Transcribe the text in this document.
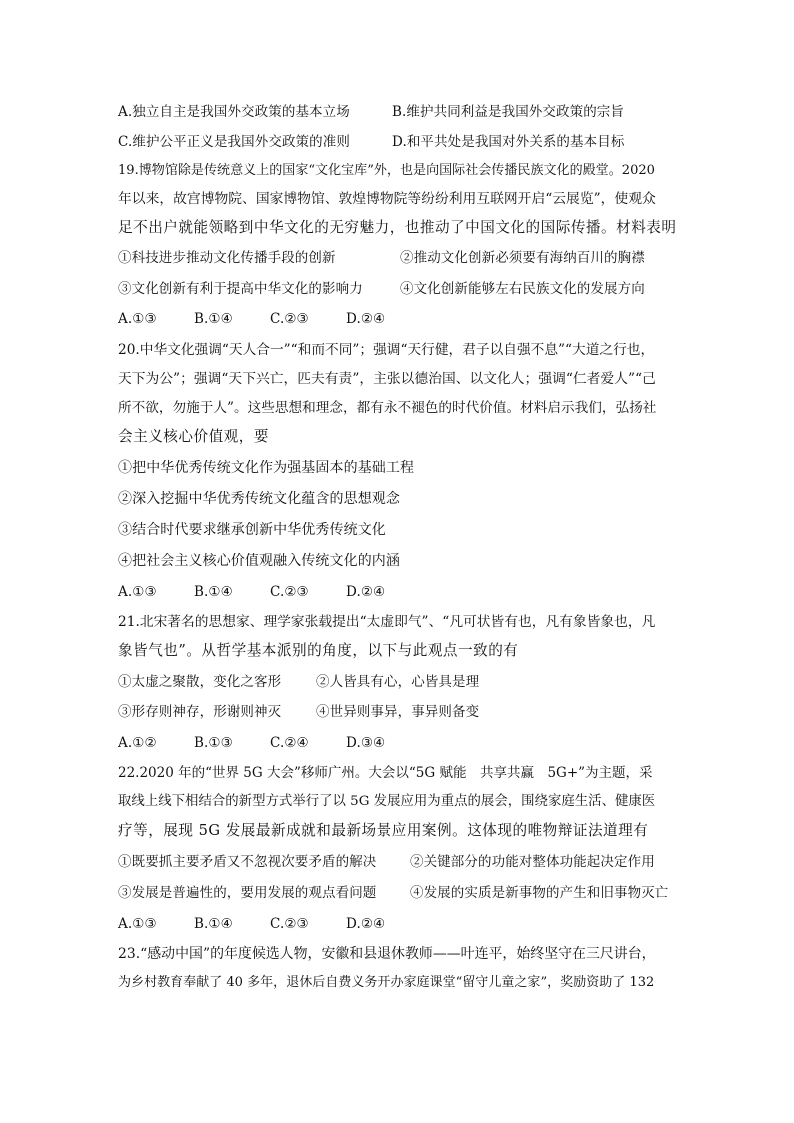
A.独立自主是我国外交政策的基本立场	B.维护共同利益是我国外交政策的宗旨
C.维护公平正义是我国外交政策的准则	D.和平共处是我国对外关系的基本目标
19.博物馆除是传统意义上的国家“文化宝库”外，也是向国际社会传播民族文化的殿堂。2020
年以来，故宫博物院、国家博物馆、敦煌博物院等纷纷利用互联网开启“云展览”，使观众
足不出户就能领略到中华文化的无穷魅力，也推动了中国文化的国际传播。材料表明
①科技进步推动文化传播手段的创新	②推动文化创新必须要有海纳百川的胸襟
③文化创新有利于提高中华文化的影响力	④文化创新能够左右民族文化的发展方向
A.①③	B.①④	C.②③	D.②④
20.中华文化强调“天人合一”“和而不同”；强调“天行健，君子以自强不息”“大道之行也，
天下为公”；强调“天下兴亡，匹夫有责”，主张以德治国、以文化人；强调“仁者爱人”“己
所不欲，勿施于人”。这些思想和理念，都有永不褪色的时代价值。材料启示我们，弘扬社
会主义核心价值观，要
①把中华优秀传统文化作为强基固本的基础工程
②深入挖掘中华优秀传统文化蕴含的思想观念
③结合时代要求继承创新中华优秀传统文化
④把社会主义核心价值观融入传统文化的内涵
A.①③	B.①④	C.②③	D.②④
21.北宋著名的思想家、理学家张载提出“太虚即气”、“凡可状皆有也，凡有象皆象也，凡
象皆气也”。从哲学基本派别的角度，以下与此观点一致的有
①太虚之聚散，变化之客形	②人皆具有心，心皆具是理
③形存则神存，形谢则神灭	④世异则事异，事异则备变
A.①②	B.①③	C.②④	D.③④
22.2020 年的“世界 5G 大会”移师广州。大会以“5G 赋能　共享共赢　5G+”为主题，采
取线上线下相结合的新型方式举行了以 5G 发展应用为重点的展会，围绕家庭生活、健康医
疗等，展现 5G 发展最新成就和最新场景应用案例。这体现的唯物辩证法道理有
①既要抓主要矛盾又不忽视次要矛盾的解决 ②关键部分的功能对整体功能起决定作用
③发展是普遍性的，要用发展的观点看问题 ④发展的实质是新事物的产生和旧事物灭亡
A.①③	B.①④	C.②③	D.②④
23.“感动中国”的年度候选人物，安徽和县退休教师——叶连平，始终坚守在三尺讲台，
为乡村教育奉献了 40 多年，退休后自费义务开办家庭课堂“留守儿童之家”，奖励资助了 132
